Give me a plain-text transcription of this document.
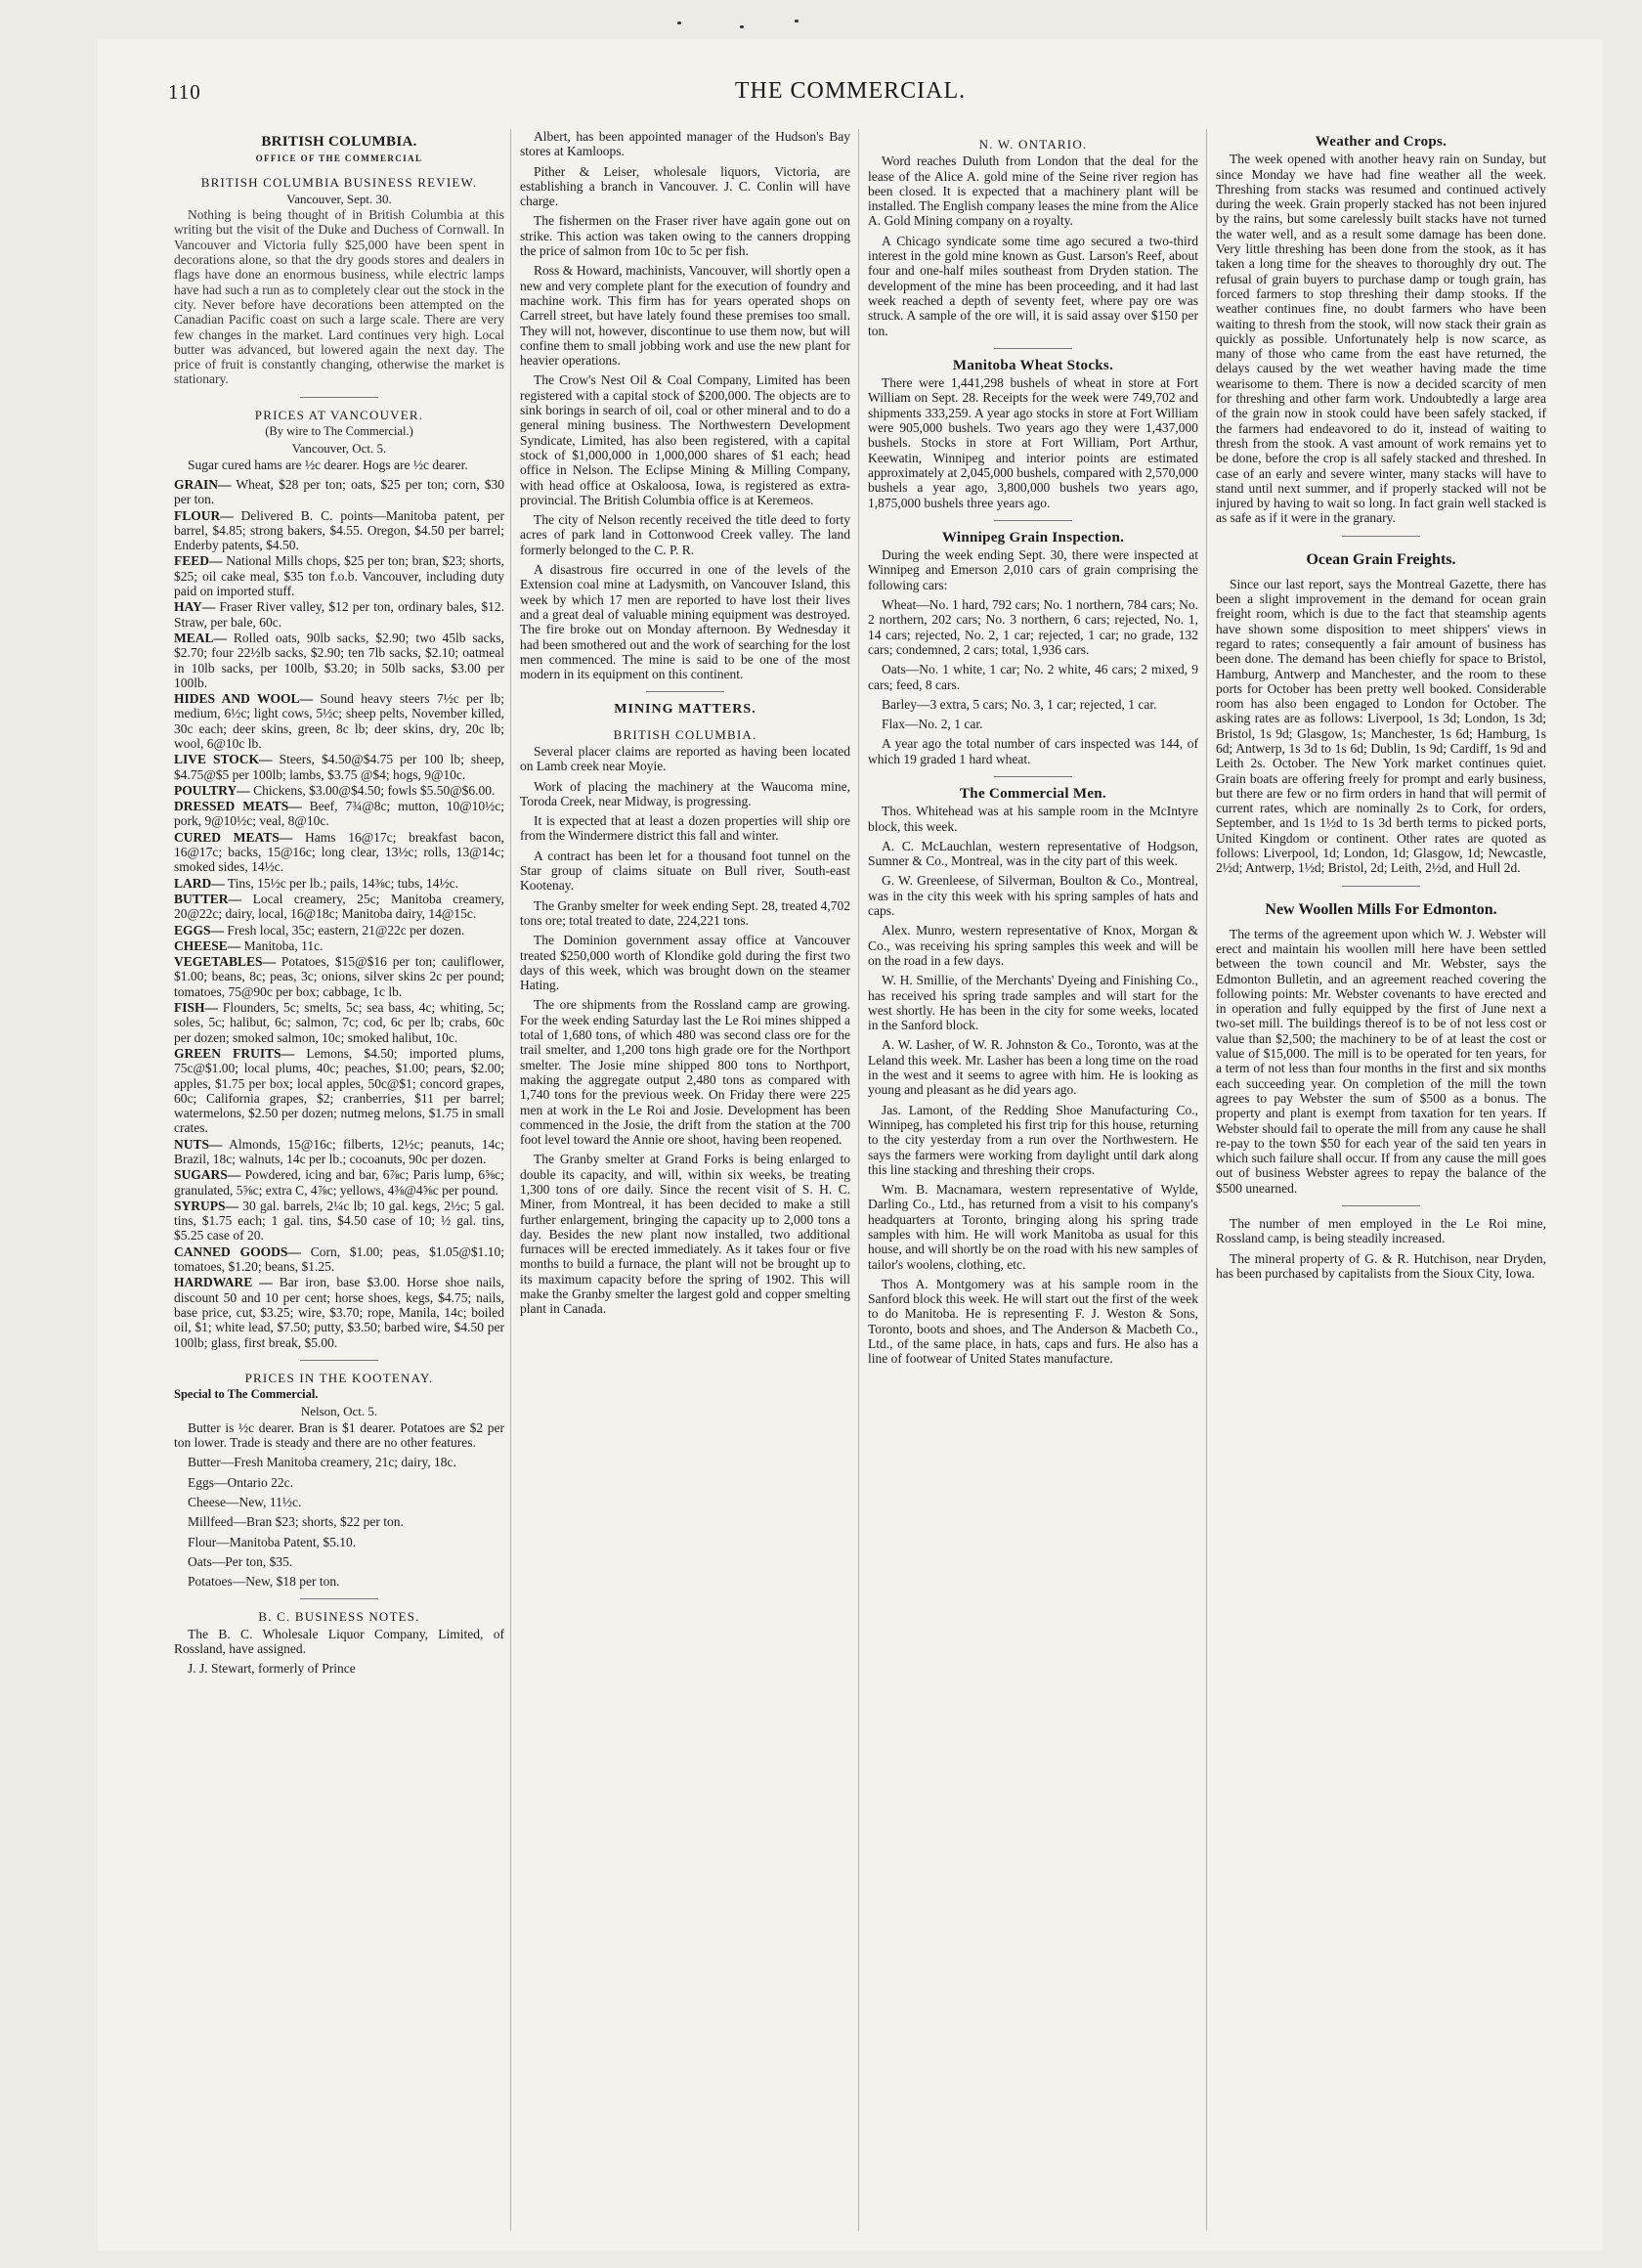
110	THE COMMERCIAL.
BRITISH COLUMBIA.
OFFICE OF THE COMMERCIAL
BRITISH COLUMBIA BUSINESS REVIEW.
Vancouver, Sept. 30.

Nothing is being thought of in British Columbia at this writing but the visit of the Duke and Duchess of Cornwall. In Vancouver and Victoria fully $25,000 have been spent in decorations alone, so that the dry goods stores and dealers in flags have done an enormous business, while electric lamps have had such a run as to completely clear out the stock in the city. Never before have decorations been attempted on the Canadian Pacific coast on such a large scale. There are very few changes in the market. Lard continues very high. Local butter was advanced, but lowered again the next day. The price of fruit is constantly changing, otherwise the market is stationary.

PRICES AT VANCOUVER.
(By wire to The Commercial.)
Vancouver, Oct. 5.

Sugar cured hams are ½c dearer. Hogs are ½c dearer.

GRAIN— Wheat, $28 per ton; oats, $25 per ton; corn, $30 per ton.

FLOUR— Delivered B. C. points—Manitoba patent, per barrel, $4.85; strong bakers, $4.55. Oregon, $4.50 per barrel; Enderby patents, $4.50.

FEED— National Mills chops, $25 per ton; bran, $23; shorts, $25; oil cake meal, $35 ton f.o.b. Vancouver, including duty paid on imported stuff.

HAY— Fraser River valley, $12 per ton, ordinary bales, $12. Straw, per bale, 60c.

MEAL— Rolled oats, 90lb sacks, $2.90; two 45lb sacks, $2.70; four 22½lb sacks, $2.90; ten 7lb sacks, $2.10; oatmeal in 10lb sacks, per 100lb, $3.20; in 50lb sacks, $3.00 per 100lb.

HIDES AND WOOL— Sound heavy steers 7½c per lb; medium, 6½c; light cows, 5½c; sheep pelts, November killed, 30c each; deer skins, green, 8c lb; deer skins, dry, 20c lb; wool, 6@10c lb.

LIVE STOCK— Steers, $4.50@$4.75 per 100 lb; sheep, $4.75@$5 per 100lb; lambs, $3.75 @$4; hogs, 9@10c.

POULTRY— Chickens, $3.00@$4.50; fowls $5.50@$6.00.

DRESSED MEATS— Beef, 7¾@8c; mutton, 10@10½c; pork, 9@10½c; veal, 8@10c.

CURED MEATS— Hams 16@17c; breakfast bacon, 16@17c; backs, 15@16c; long clear, 13½c; rolls, 13@14c; smoked sides, 14½c.

LARD— Tins, 15½c per lb.; pails, 14⅜c; tubs, 14½c.

BUTTER— Local creamery, 25c; Manitoba creamery, 20@22c; dairy, local, 16@18c; Manitoba dairy, 14@15c.

EGGS— Fresh local, 35c; eastern, 21@22c per dozen.

CHEESE— Manitoba, 11c.

VEGETABLES— Potatoes, $15@$16 per ton; cauliflower, $1.00; beans, 8c; peas, 3c; onions, silver skins 2c per pound; tomatoes, 75@90c per box; cabbage, 1c lb.

FISH— Flounders, 5c; smelts, 5c; sea bass, 4c; whiting, 5c; soles, 5c; halibut, 6c; salmon, 7c; cod, 6c per lb; crabs, 60c per dozen; smoked salmon, 10c; smoked halibut, 10c.

GREEN FRUITS— Lemons, $4.50; imported plums, 75c@$1.00; local plums, 40c; peaches, $1.00; pears, $2.00; apples, $1.75 per box; local apples, 50c@$1; concord grapes, 60c; California grapes, $2; cranberries, $11 per barrel; watermelons, $2.50 per dozen; nutmeg melons, $1.75 in small crates.

NUTS— Almonds, 15@16c; filberts, 12½c; peanuts, 14c; Brazil, 18c; walnuts, 14c per lb.; cocoanuts, 90c per dozen.

SUGARS— Powdered, icing and bar, 6⅞c; Paris lump, 6⅝c; granulated, 5⅝c; extra C, 4⅞c; yellows, 4⅜@4⅝c per pound.

SYRUPS— 30 gal. barrels, 2¼c lb; 10 gal. kegs, 2½c; 5 gal. tins, $1.75 each; 1 gal. tins, $4.50 case of 10; ½ gal. tins, $5.25 case of 20.

CANNED GOODS— Corn, $1.00; peas, $1.05@$1.10; tomatoes, $1.20; beans, $1.25.

HARDWARE — Bar iron, base $3.00. Horse shoe nails, discount 50 and 10 per cent; horse shoes, kegs, $4.75; nails, base price, cut, $3.25; wire, $3.70; rope, Manila, 14c; boiled oil, $1; white lead, $7.50; putty, $3.50; barbed wire, $4.50 per 100lb; glass, first break, $5.00.

PRICES IN THE KOOTENAY.
Special to The Commercial.
Nelson, Oct. 5.

Butter is ½c dearer. Bran is $1 dearer. Potatoes are $2 per ton lower. Trade is steady and there are no other features.

Butter—Fresh Manitoba creamery, 21c; dairy, 18c.

Eggs—Ontario 22c.

Cheese—New, 11½c.

Millfeed—Bran $23; shorts, $22 per ton.

Flour—Manitoba Patent, $5.10.

Oats—Per ton, $35.

Potatoes—New, $18 per ton.

B. C. BUSINESS NOTES.

The B. C. Wholesale Liquor Company, Limited, of Rossland, have assigned.

J. J. Stewart, formerly of Prince

Albert, has been appointed manager of the Hudson's Bay stores at Kamloops.

Pither & Leiser, wholesale liquors, Victoria, are establishing a branch in Vancouver. J. C. Conlin will have charge.

The fishermen on the Fraser river have again gone out on strike. This action was taken owing to the canners dropping the price of salmon from 10c to 5c per fish.

Ross & Howard, machinists, Vancouver, will shortly open a new and very complete plant for the execution of foundry and machine work. This firm has for years operated shops on Carrell street, but have lately found these premises too small. They will not, however, discontinue to use them now, but will confine them to small jobbing work and use the new plant for heavier operations.

The Crow's Nest Oil & Coal Company, Limited has been registered with a capital stock of $200,000. The objects are to sink borings in search of oil, coal or other mineral and to do a general mining business. The Northwestern Development Syndicate, Limited, has also been registered, with a capital stock of $1,000,000 in 1,000,000 shares of $1 each; head office in Nelson. The Eclipse Mining & Milling Company, with head office at Oskaloosa, Iowa, is registered as extra-provincial. The British Columbia office is at Keremeos.

The city of Nelson recently received the title deed to forty acres of park land in Cottonwood Creek valley. The land formerly belonged to the C. P. R.

A disastrous fire occurred in one of the levels of the Extension coal mine at Ladysmith, on Vancouver Island, this week by which 17 men are reported to have lost their lives and a great deal of valuable mining equipment was destroyed. The fire broke out on Monday afternoon. By Wednesday it had been smothered out and the work of searching for the lost men commenced. The mine is said to be one of the most modern in its equipment on this continent.

MINING MATTERS.
BRITISH COLUMBIA.

Several placer claims are reported as having been located on Lamb creek near Moyie.

Work of placing the machinery at the Waucoma mine, Toroda Creek, near Midway, is progressing.

It is expected that at least a dozen properties will ship ore from the Windermere district this fall and winter.

A contract has been let for a thousand foot tunnel on the Star group of claims situate on Bull river, South-east Kootenay.

The Granby smelter for week ending Sept. 28, treated 4,702 tons ore; total treated to date, 224,221 tons.

The Dominion government assay office at Vancouver treated $250,000 worth of Klondike gold during the first two days of this week, which was brought down on the steamer Hating.

The ore shipments from the Rossland camp are growing. For the week ending Saturday last the Le Roi mines shipped a total of 1,680 tons, of which 480 was second class ore for the trail smelter, and 1,200 tons high grade ore for the Northport smelter. The Josie mine shipped 800 tons to Northport, making the aggregate output 2,480 tons as compared with 1,740 tons for the previous week. On Friday there were 225 men at work in the Le Roi and Josie. Development has been commenced in the Josie, the drift from the station at the 700 foot level toward the Annie ore shoot, having been reopened.

The Granby smelter at Grand Forks is being enlarged to double its capacity, and will, within six weeks, be treating 1,300 tons of ore daily. Since the recent visit of S. H. C. Miner, from Montreal, it has been decided to make a still further enlargement, bringing the capacity up to 2,000 tons a day. Besides the new plant now installed, two additional furnaces will be erected immediately. As it takes four or five months to build a furnace, the plant will not be brought up to its maximum capacity before the spring of 1902. This will make the Granby smelter the largest gold and copper smelting plant in Canada.

N. W. ONTARIO.

Word reaches Duluth from London that the deal for the lease of the Alice A. gold mine of the Seine river region has been closed. It is expected that a machinery plant will be installed. The English company leases the mine from the Alice A. Gold Mining company on a royalty.

A Chicago syndicate some time ago secured a two-third interest in the gold mine known as Gust. Larson's Reef, about four and one-half miles southeast from Dryden station. The development of the mine has been proceeding, and it had last week reached a depth of seventy feet, where pay ore was struck. A sample of the ore will, it is said assay over $150 per ton.

Manitoba Wheat Stocks.

There were 1,441,298 bushels of wheat in store at Fort William on Sept. 28. Receipts for the week were 749,702 and shipments 333,259. A year ago stocks in store at Fort William were 905,000 bushels. Two years ago they were 1,437,000 bushels. Stocks in store at Fort William, Port Arthur, Keewatin, Winnipeg and interior points are estimated approximately at 2,045,000 bushels, compared with 2,570,000 bushels a year ago, 3,800,000 bushels two years ago, 1,875,000 bushels three years ago.

Winnipeg Grain Inspection.

During the week ending Sept. 30, there were inspected at Winnipeg and Emerson 2,010 cars of grain comprising the following cars:

Wheat—No. 1 hard, 792 cars; No. 1 northern, 784 cars; No. 2 northern, 202 cars; No. 3 northern, 6 cars; rejected, No. 1, 14 cars; rejected, No. 2, 1 car; rejected, 1 car; no grade, 132 cars; condemned, 2 cars; total, 1,936 cars.

Oats—No. 1 white, 1 car; No. 2 white, 46 cars; 2 mixed, 9 cars; feed, 8 cars.

Barley—3 extra, 5 cars; No. 3, 1 car; rejected, 1 car.

Flax—No. 2, 1 car.

A year ago the total number of cars inspected was 144, of which 19 graded 1 hard wheat.

The Commercial Men.

Thos. Whitehead was at his sample room in the McIntyre block, this week.

A. C. McLauchlan, western representative of Hodgson, Sumner & Co., Montreal, was in the city part of this week.

G. W. Greenleese, of Silverman, Boulton & Co., Montreal, was in the city this week with his spring samples of hats and caps.

Alex. Munro, western representative of Knox, Morgan & Co., was receiving his spring samples this week and will be on the road in a few days.

W. H. Smillie, of the Merchants' Dyeing and Finishing Co., has received his spring trade samples and will start for the west shortly. He has been in the city for some weeks, located in the Sanford block.

A. W. Lasher, of W. R. Johnston & Co., Toronto, was at the Leland this week. Mr. Lasher has been a long time on the road in the west and it seems to agree with him. He is looking as young and pleasant as he did years ago.

Jas. Lamont, of the Redding Shoe Manufacturing Co., Winnipeg, has completed his first trip for this house, returning to the city yesterday from a run over the Northwestern. He says the farmers were working from daylight until dark along this line stacking and threshing their crops.

Wm. B. Macnamara, western representative of Wylde, Darling Co., Ltd., has returned from a visit to his company's headquarters at Toronto, bringing along his spring trade samples with him. He will work Manitoba as usual for this house, and will shortly be on the road with his new samples of tailor's woolens, clothing, etc.

Thos A. Montgomery was at his sample room in the Sanford block this week. He will start out the first of the week to do Manitoba. He is representing F. J. Weston & Sons, Toronto, boots and shoes, and The Anderson & Macbeth Co., Ltd., of the same place, in hats, caps and furs. He also has a line of footwear of United States manufacture.

Weather and Crops.

The week opened with another heavy rain on Sunday, but since Monday we have had fine weather all the week. Threshing from stacks was resumed and continued actively during the week. Grain properly stacked has not been injured by the rains, but some carelessly built stacks have not turned the water well, and as a result some damage has been done. Very little threshing has been done from the stook, as it has taken a long time for the sheaves to thoroughly dry out. The refusal of grain buyers to purchase damp or tough grain, has forced farmers to stop threshing their damp stooks. If the weather continues fine, no doubt farmers who have been waiting to thresh from the stook, will now stack their grain as quickly as possible. Unfortunately help is now scarce, as many of those who came from the east have returned, the delays caused by the wet weather having made the time wearisome to them. There is now a decided scarcity of men for threshing and other farm work. Undoubtedly a large area of the grain now in stook could have been safely stacked, if the farmers had endeavored to do it, instead of waiting to thresh from the stook. A vast amount of work remains yet to be done, before the crop is all safely stacked and threshed. In case of an early and severe winter, many stacks will have to stand until next summer, and if properly stacked will not be injured by having to wait so long. In fact grain well stacked is as safe as if it were in the granary.

Ocean Grain Freights.

Since our last report, says the Montreal Gazette, there has been a slight improvement in the demand for ocean grain freight room, which is due to the fact that steamship agents have shown some disposition to meet shippers' views in regard to rates; consequently a fair amount of business has been done. The demand has been chiefly for space to Bristol, Hamburg, Antwerp and Manchester, and the room to these ports for October has been pretty well booked. Considerable room has also been engaged to London for October. The asking rates are as follows: Liverpool, 1s 3d; London, 1s 3d; Bristol, 1s 9d; Glasgow, 1s; Manchester, 1s 6d; Hamburg, 1s 6d; Antwerp, 1s 3d to 1s 6d; Dublin, 1s 9d; Cardiff, 1s 9d and Leith 2s. October. The New York market continues quiet. Grain boats are offering freely for prompt and early business, but there are few or no firm orders in hand that will permit of current rates, which are nominally 2s to Cork, for orders, September, and 1s 1½d to 1s 3d berth terms to picked ports, United Kingdom or continent. Other rates are quoted as follows: Liverpool, 1d; London, 1d; Glasgow, 1d; Newcastle, 2½d; Antwerp, 1½d; Bristol, 2d; Leith, 2½d, and Hull 2d.

New Woollen Mills For Edmonton.

The terms of the agreement upon which W. J. Webster will erect and maintain his woollen mill here have been settled between the town council and Mr. Webster, says the Edmonton Bulletin, and an agreement reached covering the following points: Mr. Webster covenants to have erected and in operation and fully equipped by the first of June next a two-set mill. The buildings thereof is to be of not less cost or value than $2,500; the machinery to be of at least the cost or value of $15,000. The mill is to be operated for ten years, for a term of not less than four months in the first and six months each succeeding year. On completion of the mill the town agrees to pay Webster the sum of $500 as a bonus. The property and plant is exempt from taxation for ten years. If Webster should fail to operate the mill from any cause he shall re-pay to the town $50 for each year of the said ten years in which such failure shall occur. If from any cause the mill goes out of business Webster agrees to repay the balance of the $500 unearned.

The number of men employed in the Le Roi mine, Rossland camp, is being steadily increased.

The mineral property of G. & R. Hutchison, near Dryden, has been purchased by capitalists from the Sioux City, Iowa.
